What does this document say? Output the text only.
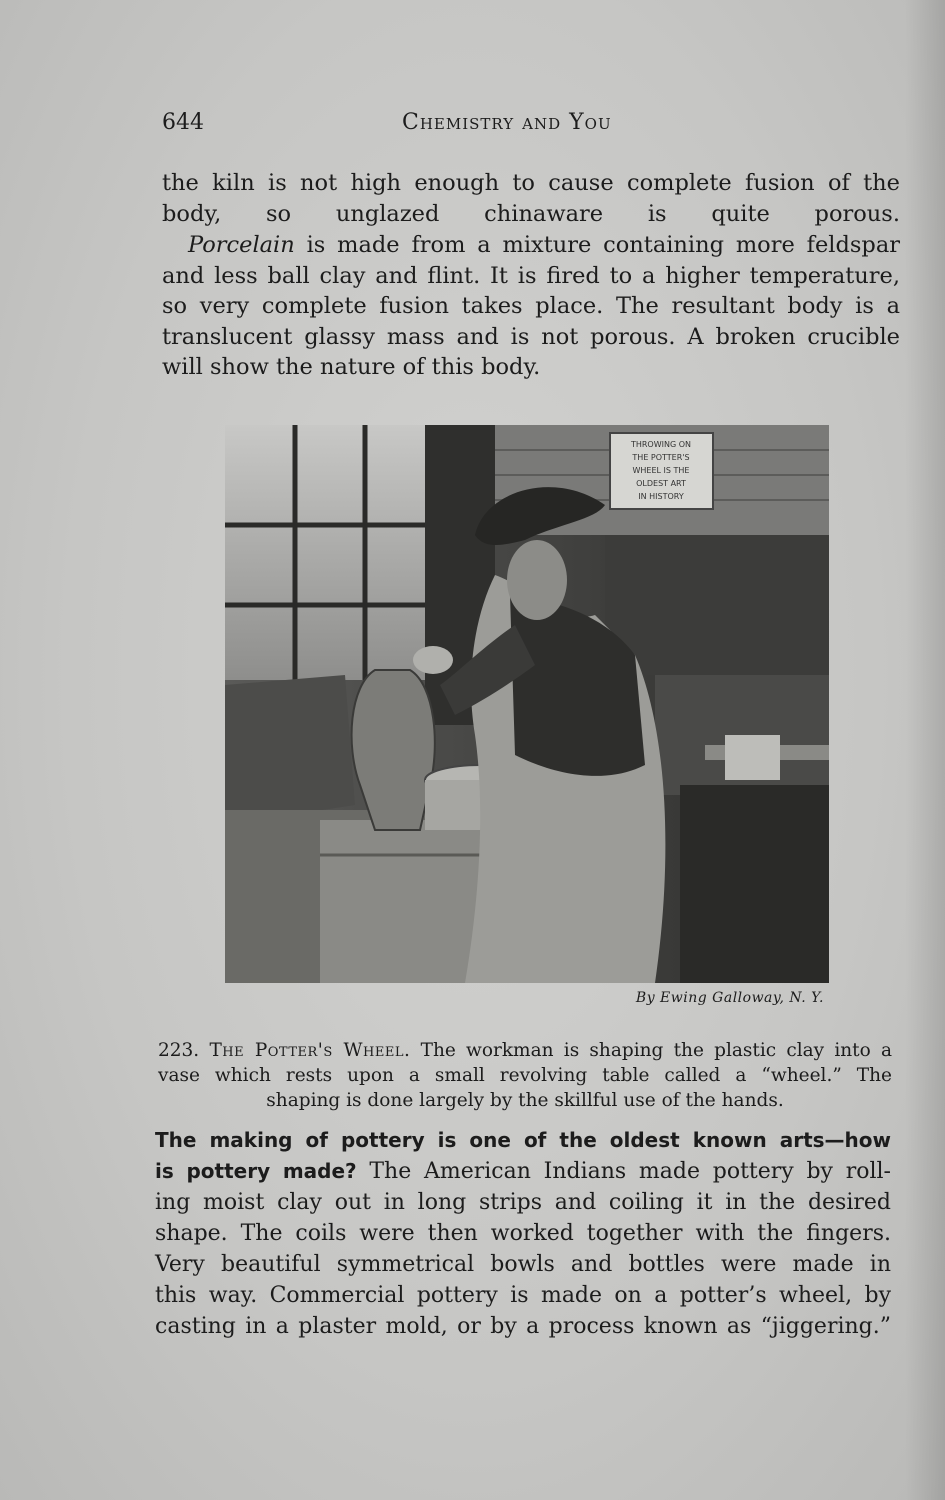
644	Chemistry and You

the kiln is not high enough to cause complete fusion of the
body, so unglazed chinaware is quite porous.

Porcelain is made from a mixture containing more feldspar
and less ball clay and flint. It is fired to a higher temperature,
so very complete fusion takes place. The resultant body is a
translucent glassy mass and is not porous. A broken crucible
will show the nature of this body.

THROWING ON
THE POTTER'S
WHEEL IS THE
OLDEST ART
IN HISTORY
By Ewing Galloway, N. Y.
223. The Potter's Wheel. The workman is shaping the plastic clay into a
vase which rests upon a small revolving table called a “wheel.” The
shaping is done largely by the skillful use of the hands.

The making of pottery is one of the oldest known arts—how
is pottery made? The American Indians made pottery by roll-
ing moist clay out in long strips and coiling it in the desired
shape. The coils were then worked together with the fingers.
Very beautiful symmetrical bowls and bottles were made in
this way. Commercial pottery is made on a potter’s wheel, by
casting in a plaster mold, or by a process known as “jiggering.”
